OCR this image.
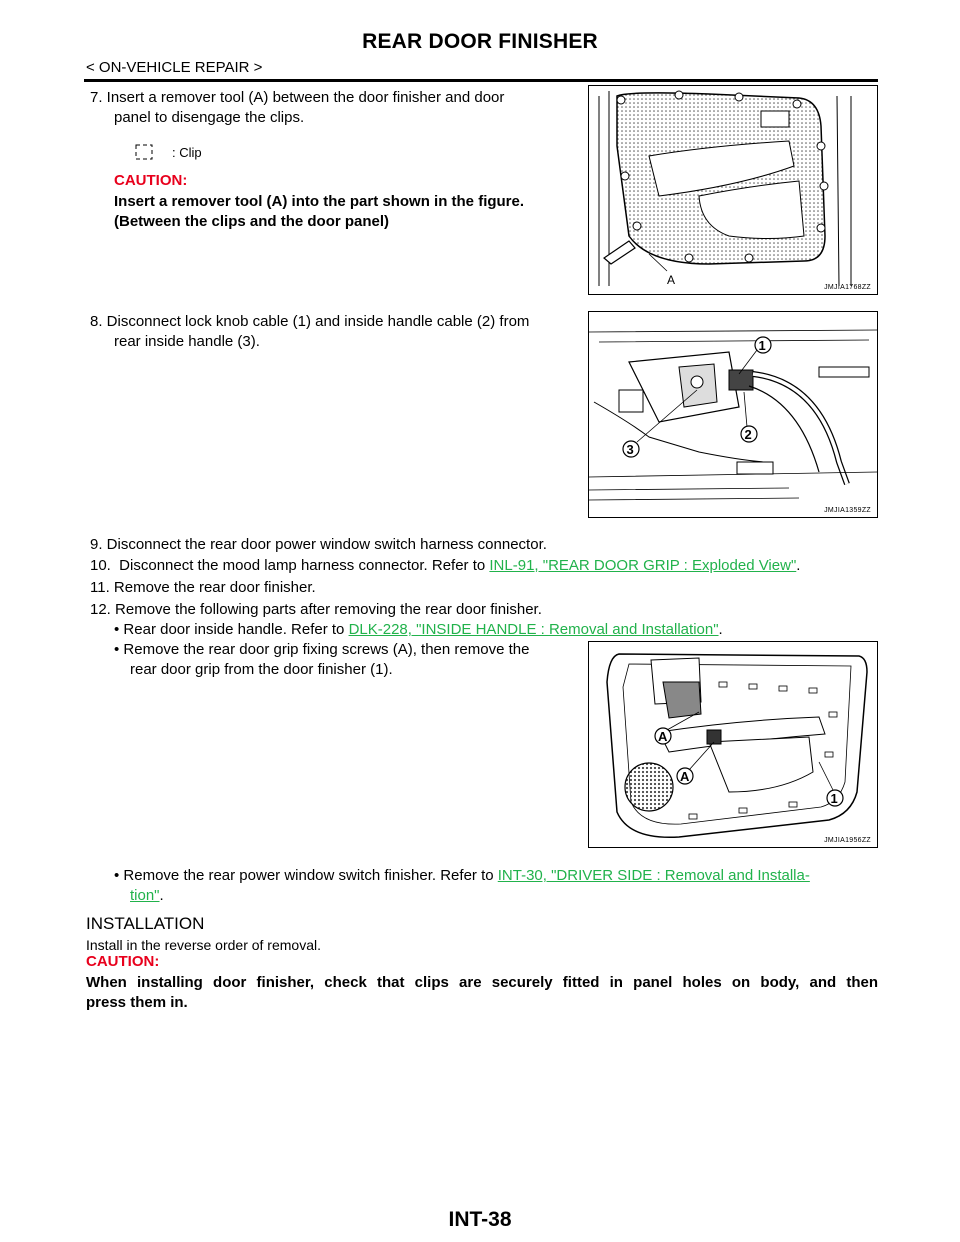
REAR DOOR FINISHER
< ON-VEHICLE REPAIR >
7. Insert a remover tool (A) between the door finisher and door
panel to disengage the clips.
: Clip
CAUTION:
Insert a remover tool (A) into the part shown in the figure.
(Between the clips and the door panel)
A
JMJIA1768ZZ
8. Disconnect lock knob cable (1) and inside handle cable (2) from
rear inside handle (3).	1
2
3
JMJIA1359ZZ
9. Disconnect the rear door power window switch harness connector.
10.  Disconnect the mood lamp harness connector. Refer to INL-91, "REAR DOOR GRIP : Exploded View".
11. Remove the rear door finisher.
12. Remove the following parts after removing the rear door finisher.
• Rear door inside handle. Refer to DLK-228, "INSIDE HANDLE : Removal and Installation".
• Remove the rear door grip fixing screws (A), then remove the
rear door grip from the door finisher (1).
A
A
1
JMJIA1956ZZ
• Remove the rear power window switch finisher. Refer to INT-30, "DRIVER SIDE : Removal and Installa-
tion".
INSTALLATION
Install in the reverse order of removal.
CAUTION:
When installing door finisher, check that clips are securely fitted in panel holes on body, and then
press them in.
INT-38
